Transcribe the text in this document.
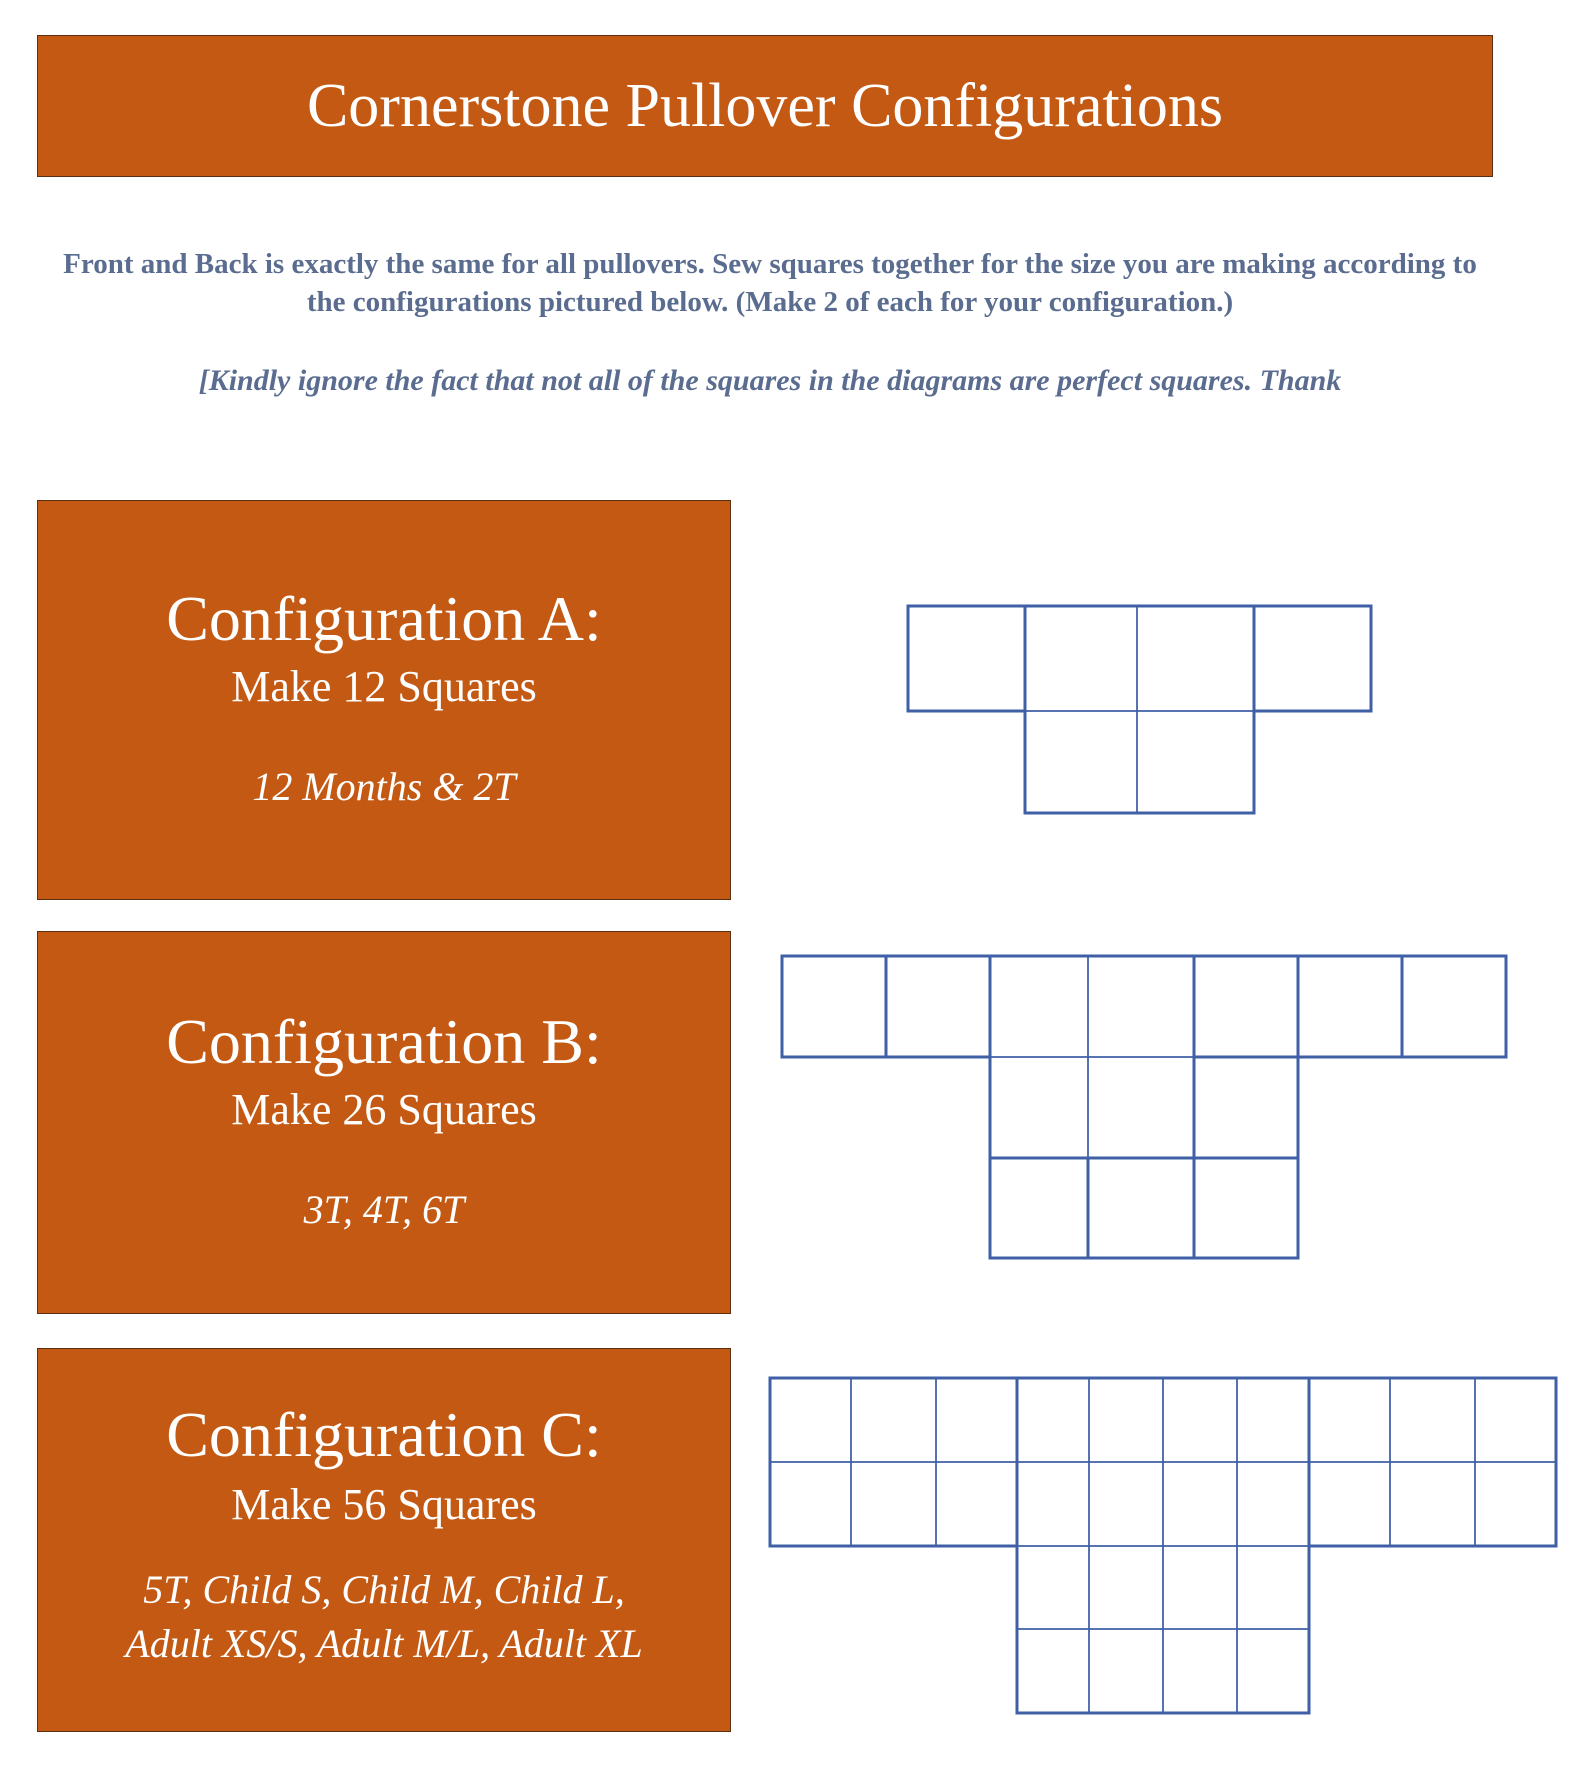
Cornerstone Pullover Configurations
Front and Back is exactly the same for all pullovers. Sew squares together for the size you are making according to the configurations pictured below. (Make 2 of each for your configuration.)
[Kindly ignore the fact that not all of the squares in the diagrams are perfect squares. Thank
Configuration A:
Make 12 Squares
12 Months & 2T
Configuration B:
Make 26 Squares
3T, 4T, 6T
Configuration C:
Make 56 Squares
5T, Child S, Child M, Child L,
Adult XS/S, Adult M/L, Adult XL
